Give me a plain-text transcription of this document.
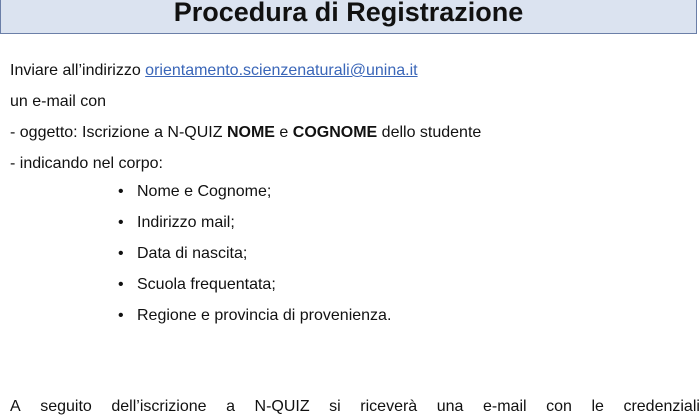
Procedura di Registrazione
Inviare all’indirizzo orientamento.scienzenaturali@unina.it
un e-mail con
- oggetto: Iscrizione a N-QUIZ NOME e COGNOME dello studente
- indicando nel corpo:
• Nome e Cognome;
• Indirizzo mail;
• Data di nascita;
• Scuola frequentata;
• Regione e provincia di provenienza.
A seguito dell’iscrizione a N-QUIZ si riceverà una e-mail con le credenziali
